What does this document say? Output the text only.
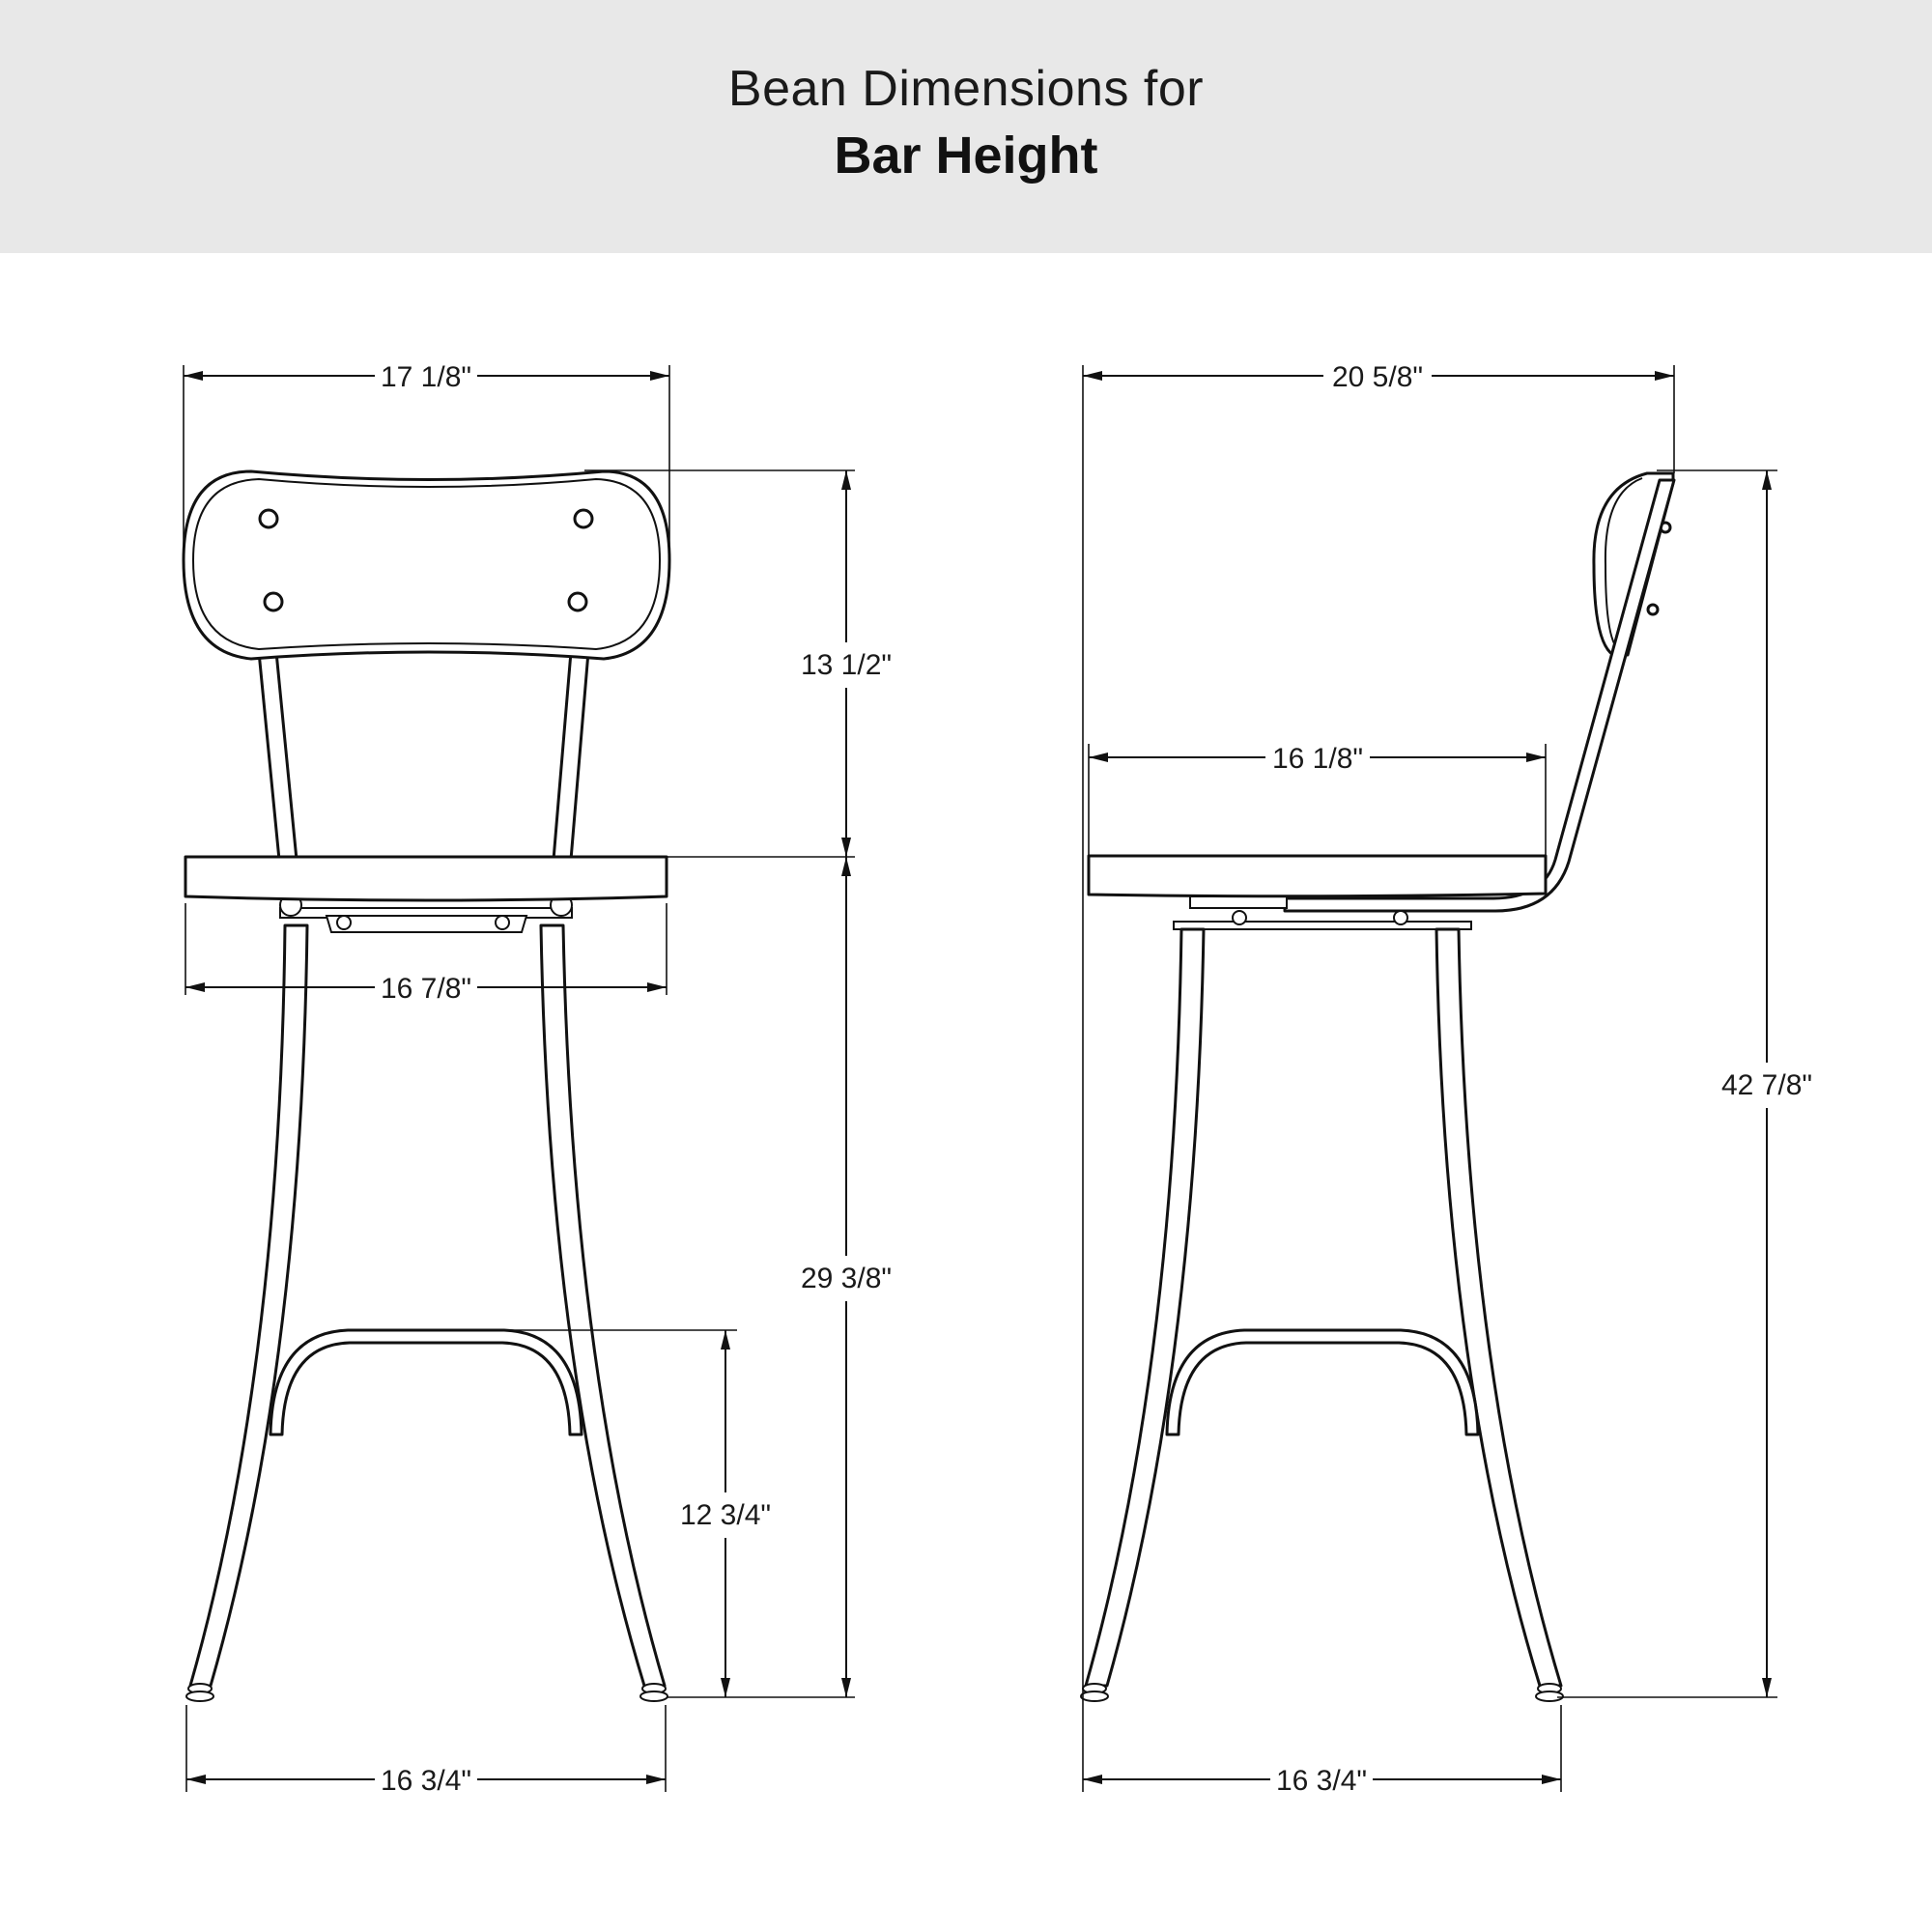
Bean Dimensions for
Bar Height
17 1/8"
13 1/2"
16 7/8"
29 3/8"
12 3/4"
16 3/4"
20 5/8"
16 1/8"
42 7/8"
16 3/4"
